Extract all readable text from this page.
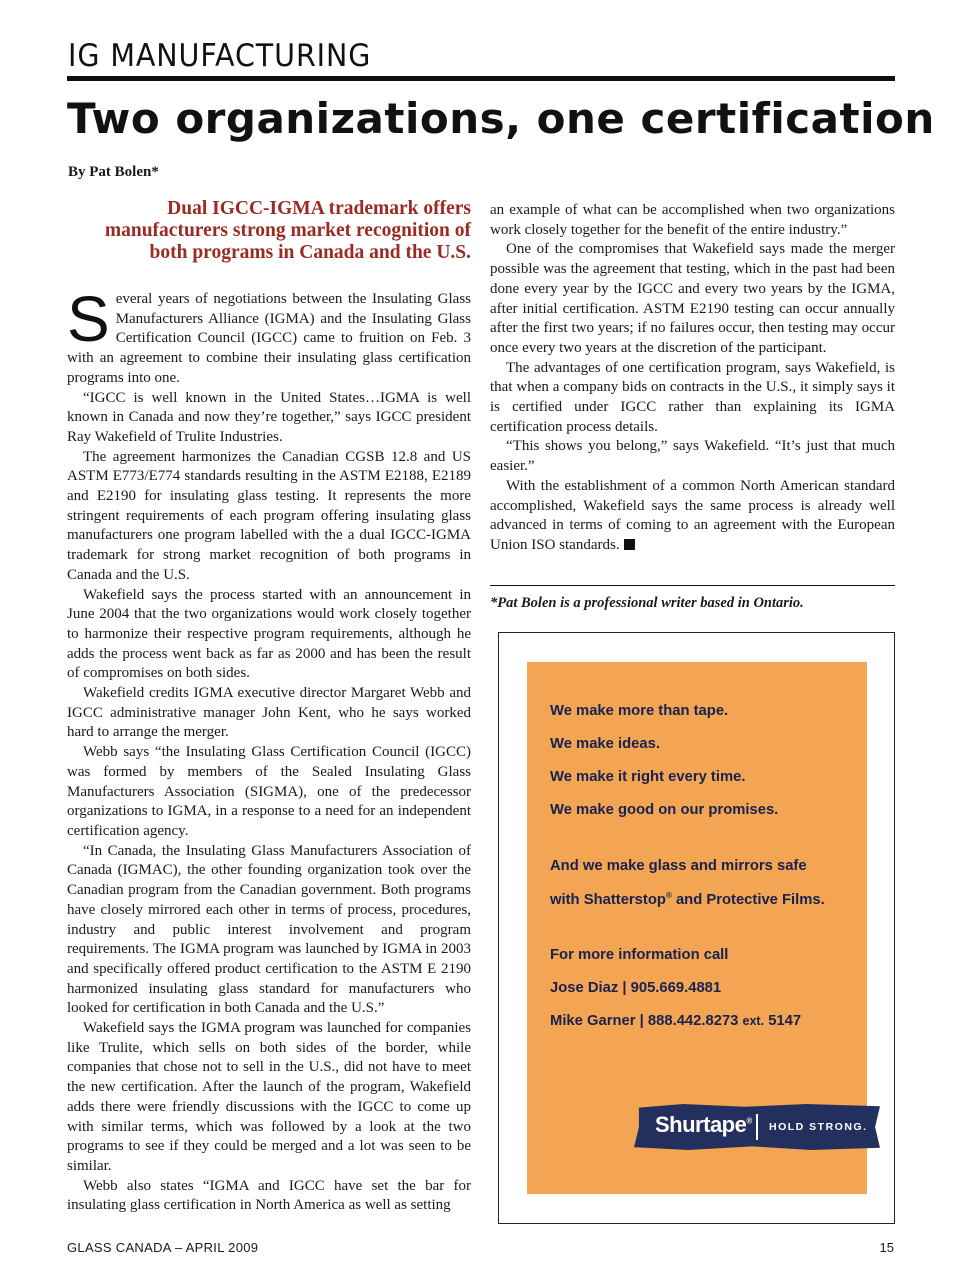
IG MANUFACTURING
Two organizations, one certification
By Pat Bolen*
Dual IGCC-IGMA trademark offers manufacturers strong market recognition of both programs in Canada and the U.S.

Several years of negotiations between the Insulating Glass Manufacturers Alliance (IGMA) and the Insulating Glass Certification Council (IGCC) came to fruition on Feb. 3 with an agreement to combine their insulating glass certification programs into one.

“IGCC is well known in the United States…IGMA is well known in Canada and now they’re together,” says IGCC president Ray Wakefield of Trulite Industries.

The agreement harmonizes the Canadian CGSB 12.8 and US ASTM E773/E774 standards resulting in the ASTM E2188, E2189 and E2190 for insulating glass testing. It represents the more stringent requirements of each program offering insulating glass manufacturers one program labelled with the a dual IGCC-IGMA trademark for strong market recognition of both programs in Canada and the U.S.

Wakefield says the process started with an announcement in June 2004 that the two organizations would work closely together to harmonize their respective program requirements, although he adds the process went back as far as 2000 and has been the result of compromises on both sides.

Wakefield credits IGMA executive director Margaret Webb and IGCC administrative manager John Kent, who he says worked hard to arrange the merger.

Webb says “the Insulating Glass Certification Council (IGCC) was formed by members of the Sealed Insulating Glass Manufacturers Association (SIGMA), one of the predecessor organizations to IGMA, in a response to a need for an independent certification agency.

“In Canada, the Insulating Glass Manufacturers Association of Canada (IGMAC), the other founding organization took over the Canadian program from the Canadian government. Both programs have closely mirrored each other in terms of process, procedures, industry and public interest involvement and program requirements. The IGMA program was launched by IGMA in 2003 and specifically offered product certification to the ASTM E 2190 harmonized insulating glass standard for manufacturers who looked for certification in both Canada and the U.S.”

Wakefield says the IGMA program was launched for companies like Trulite, which sells on both sides of the border, while companies that chose not to sell in the U.S., did not have to meet the new certification. After the launch of the program, Wakefield adds there were friendly discussions with the IGCC to come up with similar terms, which was followed by a look at the two programs to see if they could be merged and a lot was seen to be similar.

Webb also states “IGMA and IGCC have set the bar for insulating glass certification in North America as well as setting

an example of what can be accomplished when two organizations work closely together for the benefit of the entire industry.”

One of the compromises that Wakefield says made the merger possible was the agreement that testing, which in the past had been done every year by the IGCC and every two years by the IGMA, after initial certification. ASTM E2190 testing can occur annually after the first two years; if no failures occur, then testing may occur once every two years at the discretion of the participant.

The advantages of one certification program, says Wakefield, is that when a company bids on contracts in the U.S., it simply says it is certified under IGCC rather than explaining its IGMA certification process details.

“This shows you belong,” says Wakefield. “It’s just that much easier.”

With the establishment of a common North American standard accomplished, Wakefield says the same process is already well advanced in terms of coming to an agreement with the European Union ISO standards.

*Pat Bolen is a professional writer based in Ontario.
We make more than tape.
We make ideas.
We make it right every time.
We make good on our promises.
And we make glass and mirrors safe
with Shatterstop® and Protective Films.
For more information call
Jose Diaz | 905.669.4881
Mike Garner | 888.442.8273 ext. 5147
Shurtape® HOLD STRONG.
GLASS CANADA – APRIL 2009	15
